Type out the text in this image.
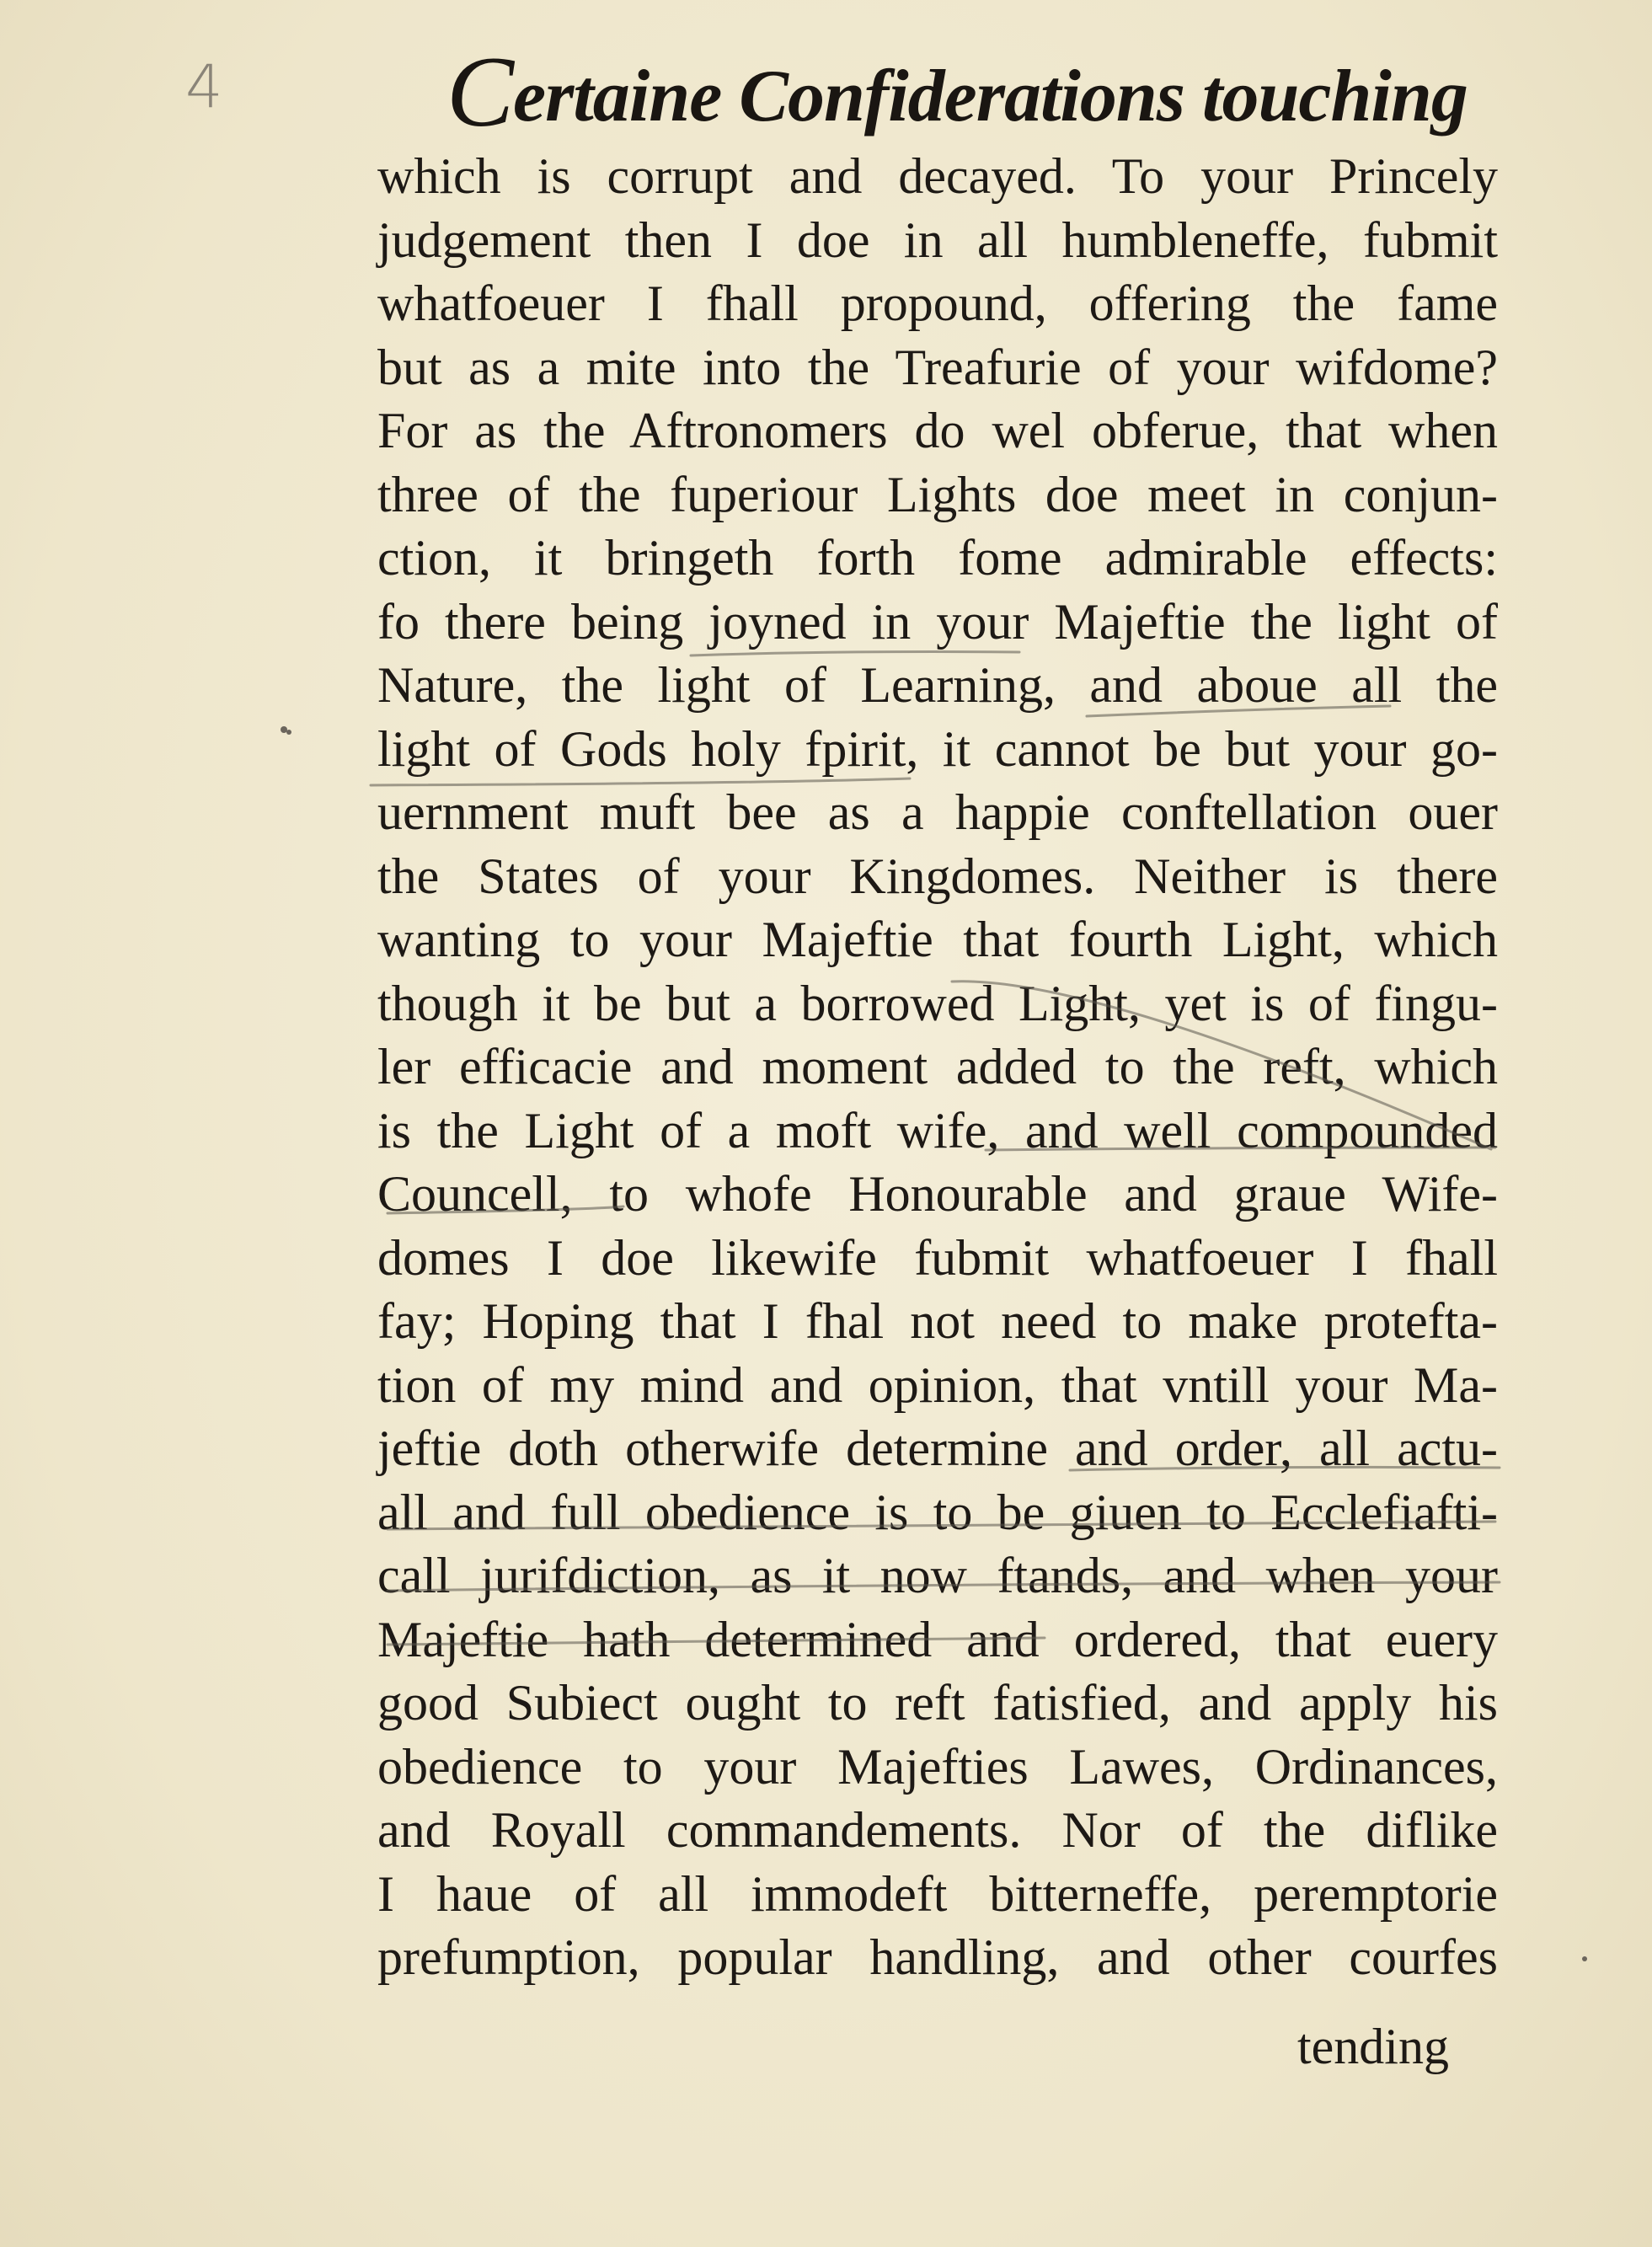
4 Certaine Confiderations touching
which is corrupt and decayed. To your Princely
judgement then I doe in all humbleneffe, fubmit
whatfoeuer I fhall propound, offering the fame
but as a mite into the Treafurie of your wifdome?
For as the Aftronomers do wel obferue, that when
three of the fuperiour Lights doe meet in conjun-
ction, it bringeth forth fome admirable effects:
fo there being joyned in your Majeftie the light of
Nature, the light of Learning, and aboue all the
light of Gods holy fpirit, it cannot be but your go-
uernment muft bee as a happie conftellation ouer
the States of your Kingdomes. Neither is there
wanting to your Majeftie that fourth Light, which
though it be but a borrowed Light, yet is of fingu-
ler efficacie and moment added to the reft, which
is the Light of a moft wife, and well compounded
Councell, to whofe Honourable and graue Wife-
domes I doe likewife fubmit whatfoeuer I fhall
fay; Hoping that I fhal not need to make protefta-
tion of my mind and opinion, that vntill your Ma-
jeftie doth otherwife determine and order, all actu-
all and full obedience is to be giuen to Ecclefiafti-
call jurifdiction, as it now ftands, and when your
Majeftie hath determined and ordered, that euery
good Subiect ought to reft fatisfied, and apply his
obedience to your Majefties Lawes, Ordinances,
and Royall commandements. Nor of the diflike
I haue of all immodeft bitterneffe, peremptorie
prefumption, popular handling, and other courfes
tending
